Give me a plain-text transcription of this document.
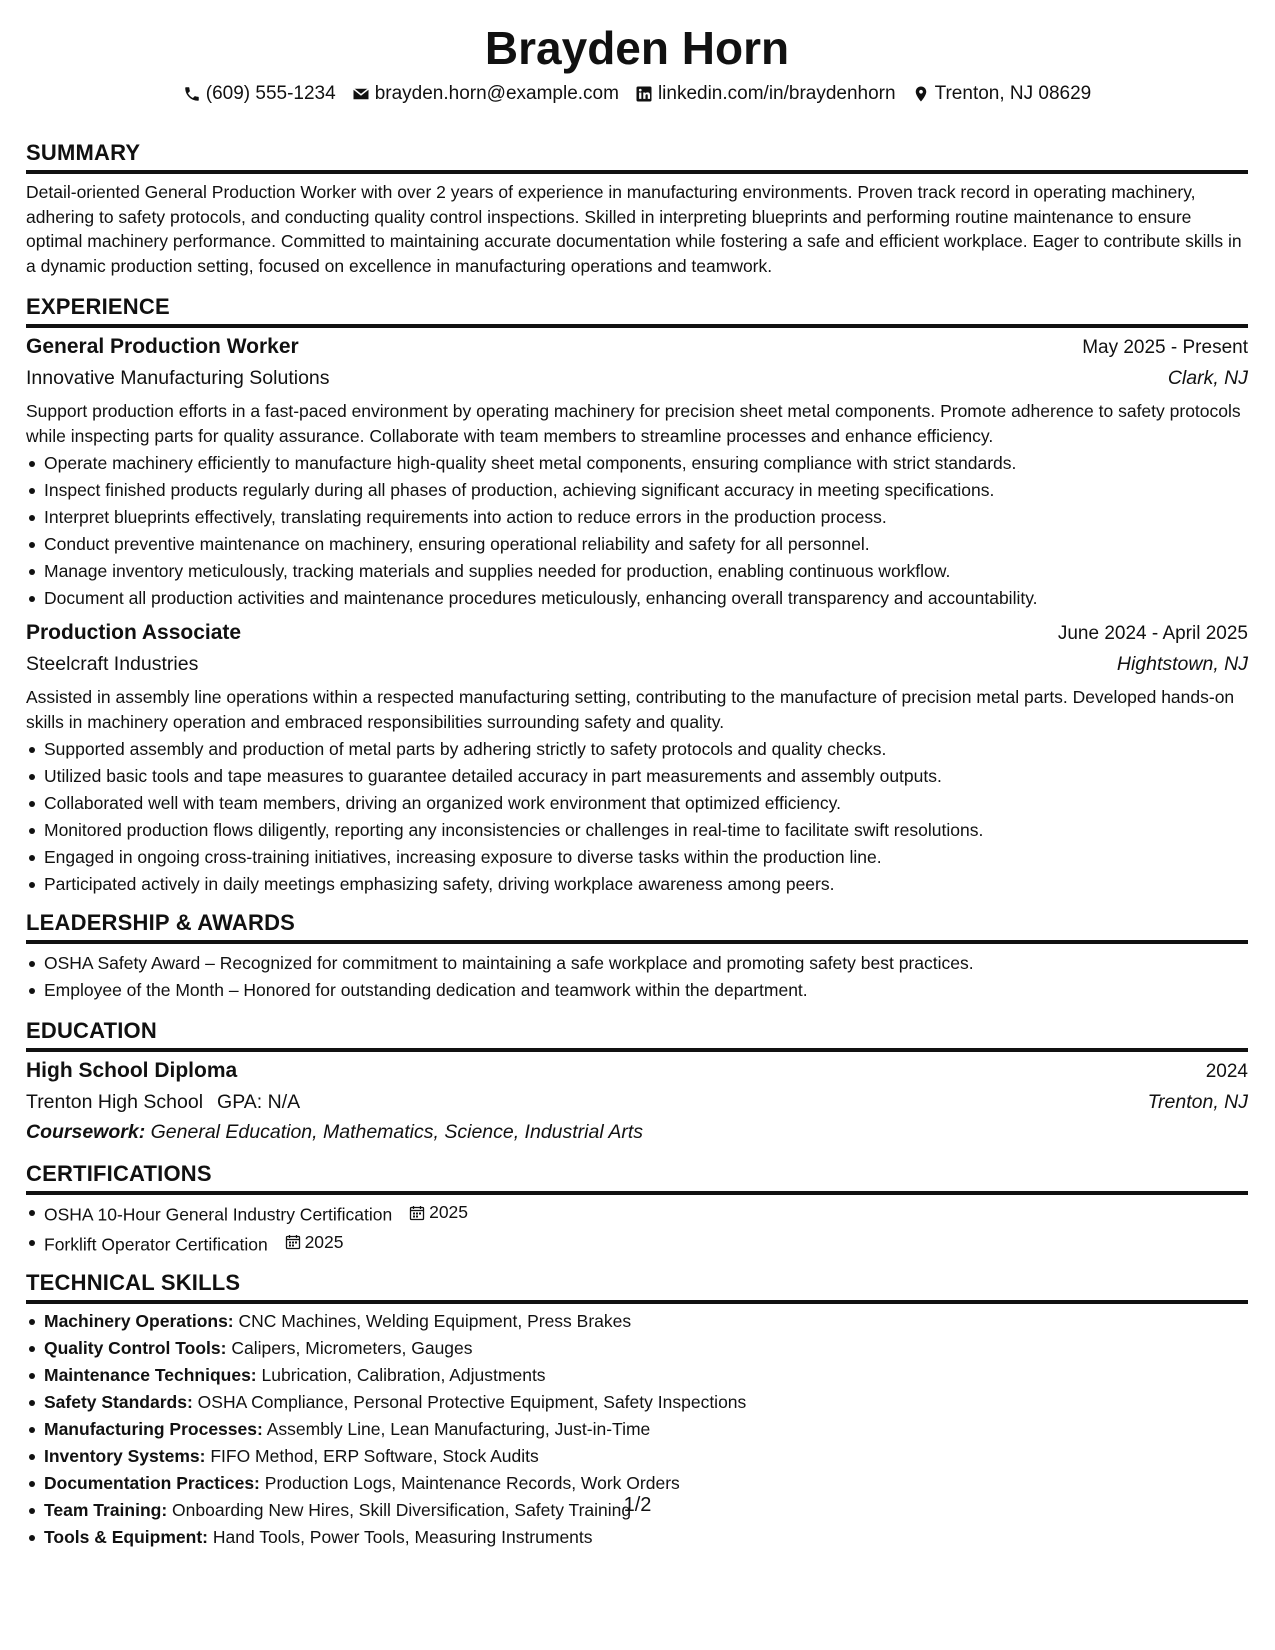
Brayden Horn
(609) 555-1234 brayden.horn@example.com linkedin.com/in/braydenhorn Trenton, NJ 08629
SUMMARY

Detail-oriented General Production Worker with over 2 years of experience in manufacturing environments. Proven track record in operating machinery, adhering to safety protocols, and conducting quality control inspections. Skilled in interpreting blueprints and performing routine maintenance to ensure optimal machinery performance. Committed to maintaining accurate documentation while fostering a safe and efficient workplace. Eager to contribute skills in a dynamic production setting, focused on excellence in manufacturing operations and teamwork.

EXPERIENCE
General Production Worker	May 2025 - Present
Innovative Manufacturing Solutions	Clark, NJ

Support production efforts in a fast-paced environment by operating machinery for precision sheet metal components. Promote adherence to safety protocols while inspecting parts for quality assurance. Collaborate with team members to streamline processes and enhance efficiency.

Operate machinery efficiently to manufacture high-quality sheet metal components, ensuring compliance with strict standards.
Inspect finished products regularly during all phases of production, achieving significant accuracy in meeting specifications.
Interpret blueprints effectively, translating requirements into action to reduce errors in the production process.
Conduct preventive maintenance on machinery, ensuring operational reliability and safety for all personnel.
Manage inventory meticulously, tracking materials and supplies needed for production, enabling continuous workflow.
Document all production activities and maintenance procedures meticulously, enhancing overall transparency and accountability.
Production Associate	June 2024 - April 2025
Steelcraft Industries	Hightstown, NJ

Assisted in assembly line operations within a respected manufacturing setting, contributing to the manufacture of precision metal parts. Developed hands-on skills in machinery operation and embraced responsibilities surrounding safety and quality.

Supported assembly and production of metal parts by adhering strictly to safety protocols and quality checks.
Utilized basic tools and tape measures to guarantee detailed accuracy in part measurements and assembly outputs.
Collaborated well with team members, driving an organized work environment that optimized efficiency.
Monitored production flows diligently, reporting any inconsistencies or challenges in real-time to facilitate swift resolutions.
Engaged in ongoing cross-training initiatives, increasing exposure to diverse tasks within the production line.
Participated actively in daily meetings emphasizing safety, driving workplace awareness among peers.
LEADERSHIP & AWARDS
OSHA Safety Award – Recognized for commitment to maintaining a safe workplace and promoting safety best practices.
Employee of the Month – Honored for outstanding dedication and teamwork within the department.
EDUCATION
High School Diploma	2024
Trenton High School GPA: N/A	Trenton, NJ
Coursework: General Education, Mathematics, Science, Industrial Arts
CERTIFICATIONS
OSHA 10-Hour General Industry Certification 2025
Forklift Operator Certification 2025
TECHNICAL SKILLS
Machinery Operations: CNC Machines, Welding Equipment, Press Brakes
Quality Control Tools: Calipers, Micrometers, Gauges
Maintenance Techniques: Lubrication, Calibration, Adjustments
Safety Standards: OSHA Compliance, Personal Protective Equipment, Safety Inspections
Manufacturing Processes: Assembly Line, Lean Manufacturing, Just-in-Time
Inventory Systems: FIFO Method, ERP Software, Stock Audits
Documentation Practices: Production Logs, Maintenance Records, Work Orders
Team Training: Onboarding New Hires, Skill Diversification, Safety Training
Tools & Equipment: Hand Tools, Power Tools, Measuring Instruments
1/2
